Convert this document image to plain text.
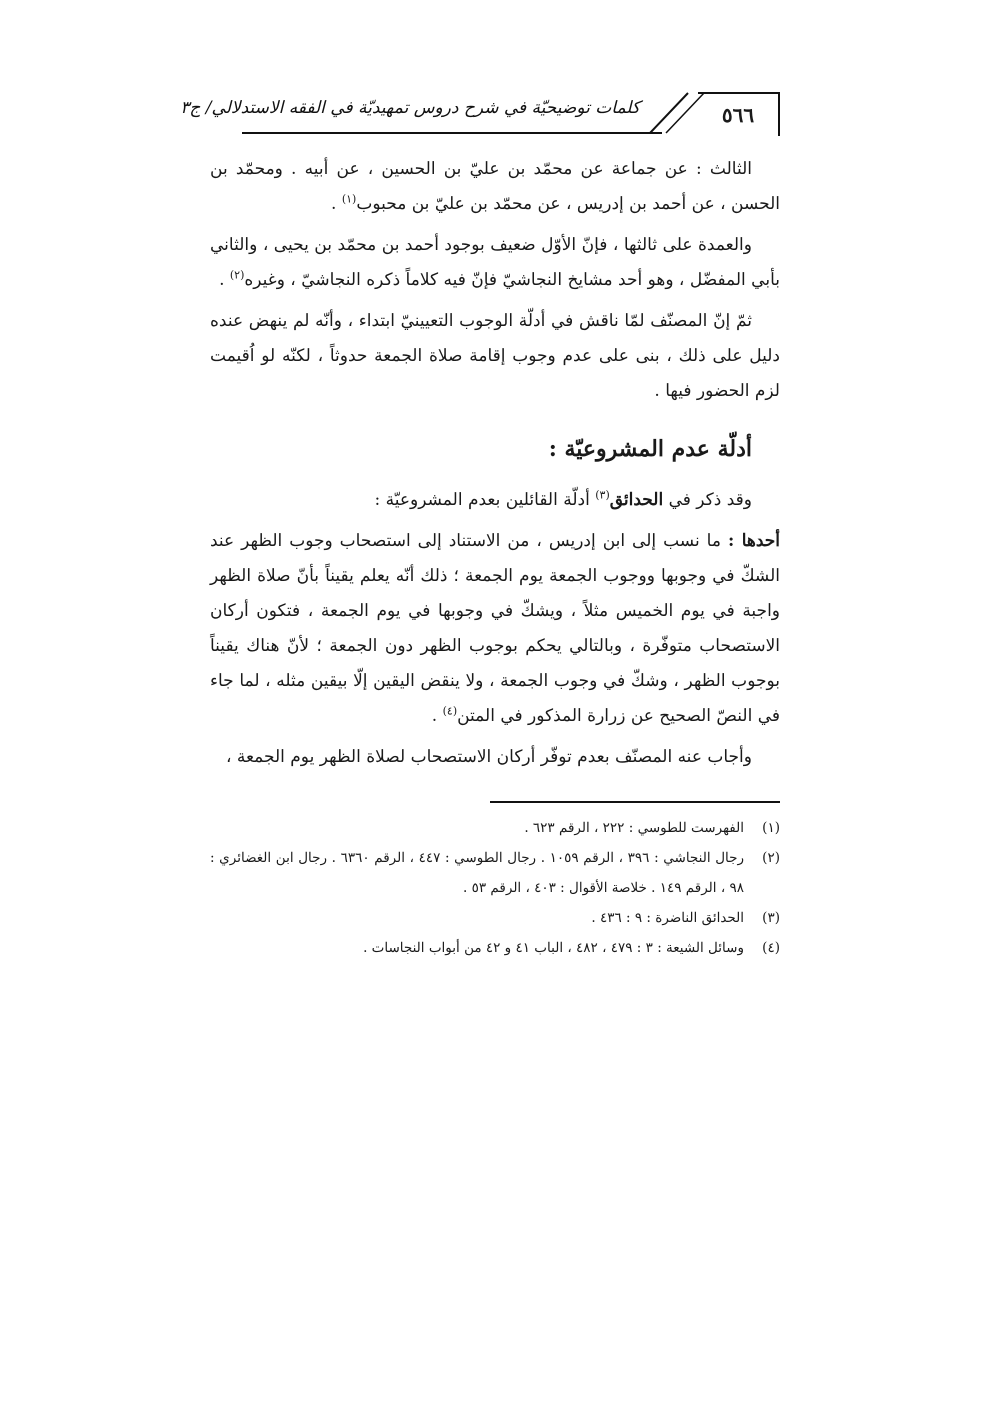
كلمات توضيحيّة في شرح دروس تمهيديّة في الفقه الاستدلالي/ ج٣	٥٦٦

الثالث : عن جماعة عن محمّد بن عليّ بن الحسين ، عن أبيه . ومحمّد بن الحسن ، عن أحمد بن إدريس ، عن محمّد بن عليّ بن محبوب$^{(١)}$ .

والعمدة على ثالثها ، فإنّ الأوّل ضعيف بوجود أحمد بن محمّد بن يحيى ، والثاني بأبي المفضّل ، وهو أحد مشايخ النجاشيّ فإنّ فيه كلاماً ذكره النجاشيّ ، وغيره$^{(٢)}$ .

ثمّ إنّ المصنّف لمّا ناقش في أدلّة الوجوب التعيينيّ ابتداء ، وأنّه لم ينهض عنده دليل على ذلك ، بنى على عدم وجوب إقامة صلاة الجمعة حدوثاً ، لكنّه لو اُقيمت لزم الحضور فيها .

أدلّة عدم المشروعيّة :

وقد ذكر في الحدائق$^{(٣)}$ أدلّة القائلين بعدم المشروعيّة :

أحدها : ما نسب إلى ابن إدريس ، من الاستناد إلى استصحاب وجوب الظهر عند الشكّ في وجوبها ووجوب الجمعة يوم الجمعة ؛ ذلك أنّه يعلم يقيناً بأنّ صلاة الظهر واجبة في يوم الخميس مثلاً ، ويشكّ في وجوبها في يوم الجمعة ، فتكون أركان الاستصحاب متوفّرة ، وبالتالي يحكم بوجوب الظهر دون الجمعة ؛ لأنّ هناك يقيناً بوجوب الظهر ، وشكّ في وجوب الجمعة ، ولا ينقض اليقين إلّا بيقين مثله ، لما جاء في النصّ الصحيح عن زرارة المذكور في المتن$^{(٤)}$ .

وأجاب عنه المصنّف بعدم توفّر أركان الاستصحاب لصلاة الظهر يوم الجمعة ،

(١)
الفهرست للطوسي : ٢٢٢ ، الرقم ٦٢٣ .
(٢)
رجال النجاشي : ٣٩٦ ، الرقم ١٠٥٩ . رجال الطوسي : ٤٤٧ ، الرقم ٦٣٦٠ . رجال ابن الغضائري : ٩٨ ، الرقم ١٤٩ . خلاصة الأقوال : ٤٠٣ ، الرقم ٥٣ .
(٣)
الحدائق الناضرة : ٩ : ٤٣٦ .
(٤)
وسائل الشيعة : ٣ : ٤٧٩ ، ٤٨٢ ، الباب ٤١ و ٤٢ من أبواب النجاسات .
